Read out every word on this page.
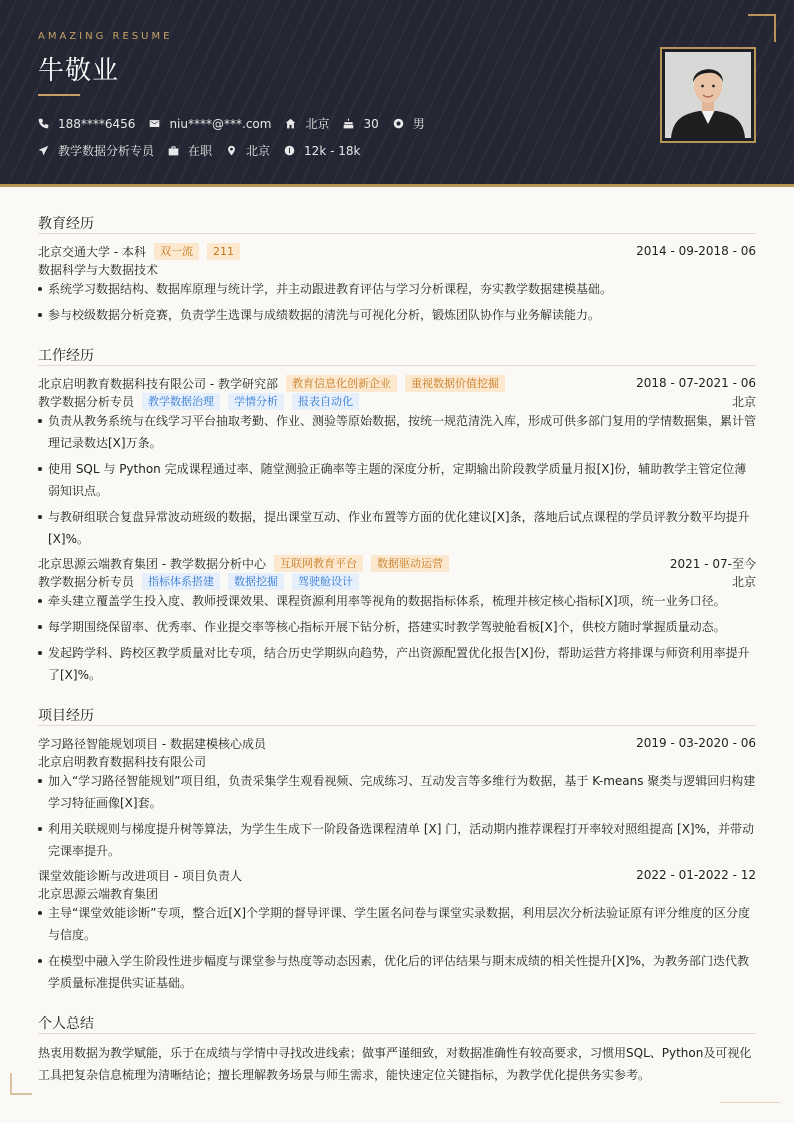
AMAZING RESUME
牛敬业
188****6456	niu****@***.com	北京	30	男
教学数据分析专员	在职	北京	12k - 18k
教育经历
北京交通大学 - 本科	双一流	211	2014 - 09-2018 - 06
数据科学与大数据技术
系统学习数据结构、数据库原理与统计学，并主动跟进教育评估与学习分析课程，夯实教学数据建模基础。
参与校级数据分析竞赛，负责学生选课与成绩数据的清洗与可视化分析，锻炼团队协作与业务解读能力。
工作经历
北京启明教育数据科技有限公司 - 教学研究部	教育信息化创新企业	重视数据价值挖掘	2018 - 07-2021 - 06
教学数据分析专员	教学数据治理	学情分析	报表自动化	北京
负责从教务系统与在线学习平台抽取考勤、作业、测验等原始数据，按统一规范清洗入库，形成可供多部门复用的学情数据集，累计管理记录数达[X]万条。
使用 SQL 与 Python 完成课程通过率、随堂测验正确率等主题的深度分析，定期输出阶段教学质量月报[X]份，辅助教学主管定位薄弱知识点。
与教研组联合复盘异常波动班级的数据，提出课堂互动、作业布置等方面的优化建议[X]条，落地后试点课程的学员评教分数平均提升[X]%。
北京思源云端教育集团 - 教学数据分析中心	互联网教育平台	数据驱动运营	2021 - 07-至今
教学数据分析专员	指标体系搭建	数据挖掘	驾驶舱设计	北京
牵头建立覆盖学生投入度、教师授课效果、课程资源利用率等视角的数据指标体系，梳理并核定核心指标[X]项，统一业务口径。
每学期围绕保留率、优秀率、作业提交率等核心指标开展下钻分析，搭建实时教学驾驶舱看板[X]个，供校方随时掌握质量动态。
发起跨学科、跨校区教学质量对比专项，结合历史学期纵向趋势，产出资源配置优化报告[X]份，帮助运营方将排课与师资利用率提升了[X]%。
项目经历
学习路径智能规划项目 - 数据建模核心成员	2019 - 03-2020 - 06
北京启明教育数据科技有限公司
加入“学习路径智能规划”项目组，负责采集学生观看视频、完成练习、互动发言等多维行为数据，基于 K-means 聚类与逻辑回归构建学习特征画像[X]套。
利用关联规则与梯度提升树等算法，为学生生成下一阶段备选课程清单 [X] 门，活动期内推荐课程打开率较对照组提高 [X]%，并带动完课率提升。
课堂效能诊断与改进项目 - 项目负责人	2022 - 01-2022 - 12
北京思源云端教育集团
主导“课堂效能诊断”专项，整合近[X]个学期的督导评课、学生匿名问卷与课堂实录数据，利用层次分析法验证原有评分维度的区分度与信度。
在模型中融入学生阶段性进步幅度与课堂参与热度等动态因素，优化后的评估结果与期末成绩的相关性提升[X]%，为教务部门迭代教学质量标准提供实证基础。
个人总结
热衷用数据为教学赋能，乐于在成绩与学情中寻找改进线索；做事严谨细致，对数据准确性有较高要求，习惯用SQL、Python及可视化工具把复杂信息梳理为清晰结论；擅长理解教务场景与师生需求，能快速定位关键指标，为教学优化提供务实参考。
